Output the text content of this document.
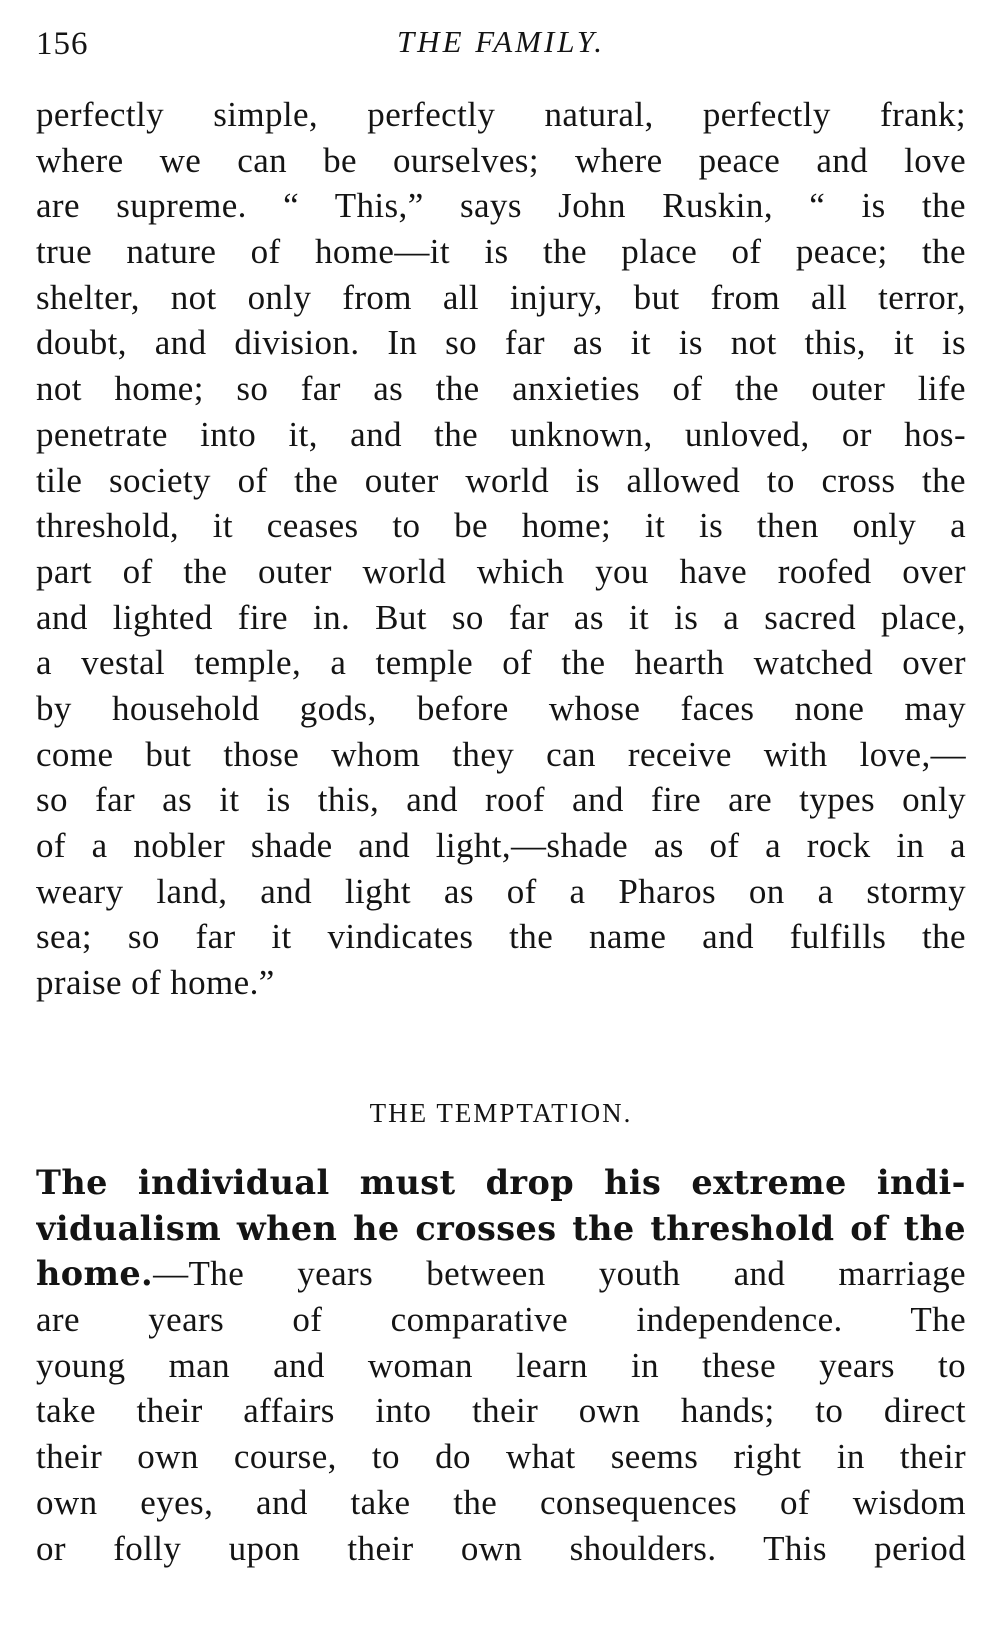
156	THE FAMILY.
perfectly simple, perfectly natural, perfectly frank;
where we can be ourselves; where peace and love
are supreme. “ This,” says John Ruskin, “ is the
true nature of home—it is the place of peace; the
shelter, not only from all injury, but from all terror,
doubt, and division. In so far as it is not this, it is
not home; so far as the anxieties of the outer life
penetrate into it, and the unknown, unloved, or hos-
tile society of the outer world is allowed to cross the
threshold, it ceases to be home; it is then only a
part of the outer world which you have roofed over
and lighted fire in. But so far as it is a sacred place,
a vestal temple, a temple of the hearth watched over
by household gods, before whose faces none may
come but those whom they can receive with love,—
so far as it is this, and roof and fire are types only
of a nobler shade and light,—shade as of a rock in a
weary land, and light as of a Pharos on a stormy
sea; so far it vindicates the name and fulfills the
praise of home.”
THE TEMPTATION.
The individual must drop his extreme indi-
vidualism when he crosses the threshold of the
home.—The years between youth and marriage
are years of comparative independence. The
young man and woman learn in these years to
take their affairs into their own hands; to direct
their own course, to do what seems right in their
own eyes, and take the consequences of wisdom
or folly upon their own shoulders. This period
